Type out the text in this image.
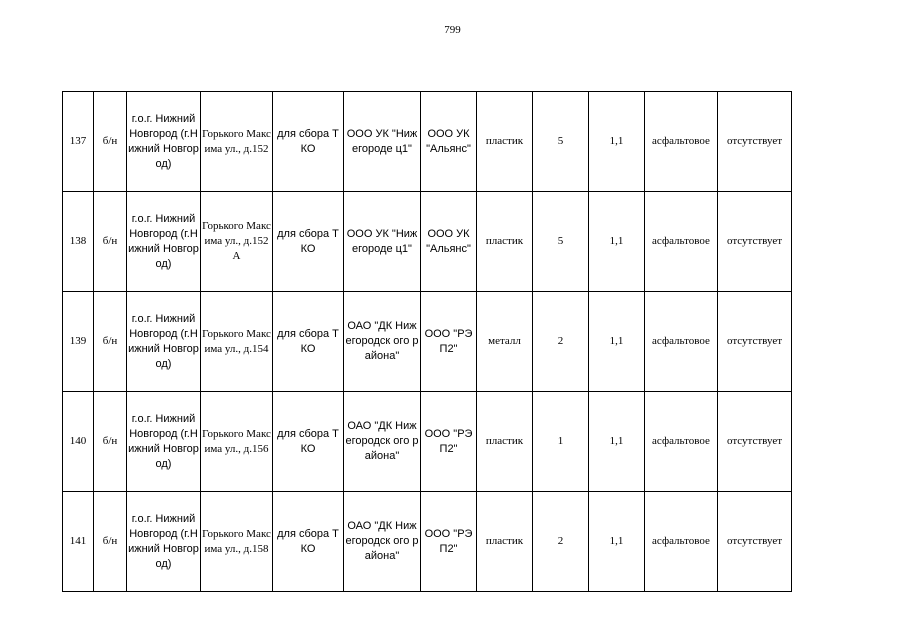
799
137	б/н	г.о.г. Нижний Новгород (г.Нижний Новгород)	Горького Максима ул., д.152	для сбора ТКО	ООО УК "Нижегороде ц1"	ООО УК "Альянс"	пластик	5	1,1	асфальтовое	отсутствует
138	б/н	г.о.г. Нижний Новгород (г.Нижний Новгород)	Горького Максима ул., д.152А	для сбора ТКО	ООО УК "Нижегороде ц1"	ООО УК "Альянс"	пластик	5	1,1	асфальтовое	отсутствует
139	б/н	г.о.г. Нижний Новгород (г.Нижний Новгород)	Горького Максима ул., д.154	для сбора ТКО	ОАО "ДК Нижегородск ого района"	ООО "РЭП2"	металл	2	1,1	асфальтовое	отсутствует
140	б/н	г.о.г. Нижний Новгород (г.Нижний Новгород)	Горького Максима ул., д.156	для сбора ТКО	ОАО "ДК Нижегородск ого района"	ООО "РЭП2"	пластик	1	1,1	асфальтовое	отсутствует
141	б/н	г.о.г. Нижний Новгород (г.Нижний Новгород)	Горького Максима ул., д.158	для сбора ТКО	ОАО "ДК Нижегородск ого района"	ООО "РЭП2"	пластик	2	1,1	асфальтовое	отсутствует
